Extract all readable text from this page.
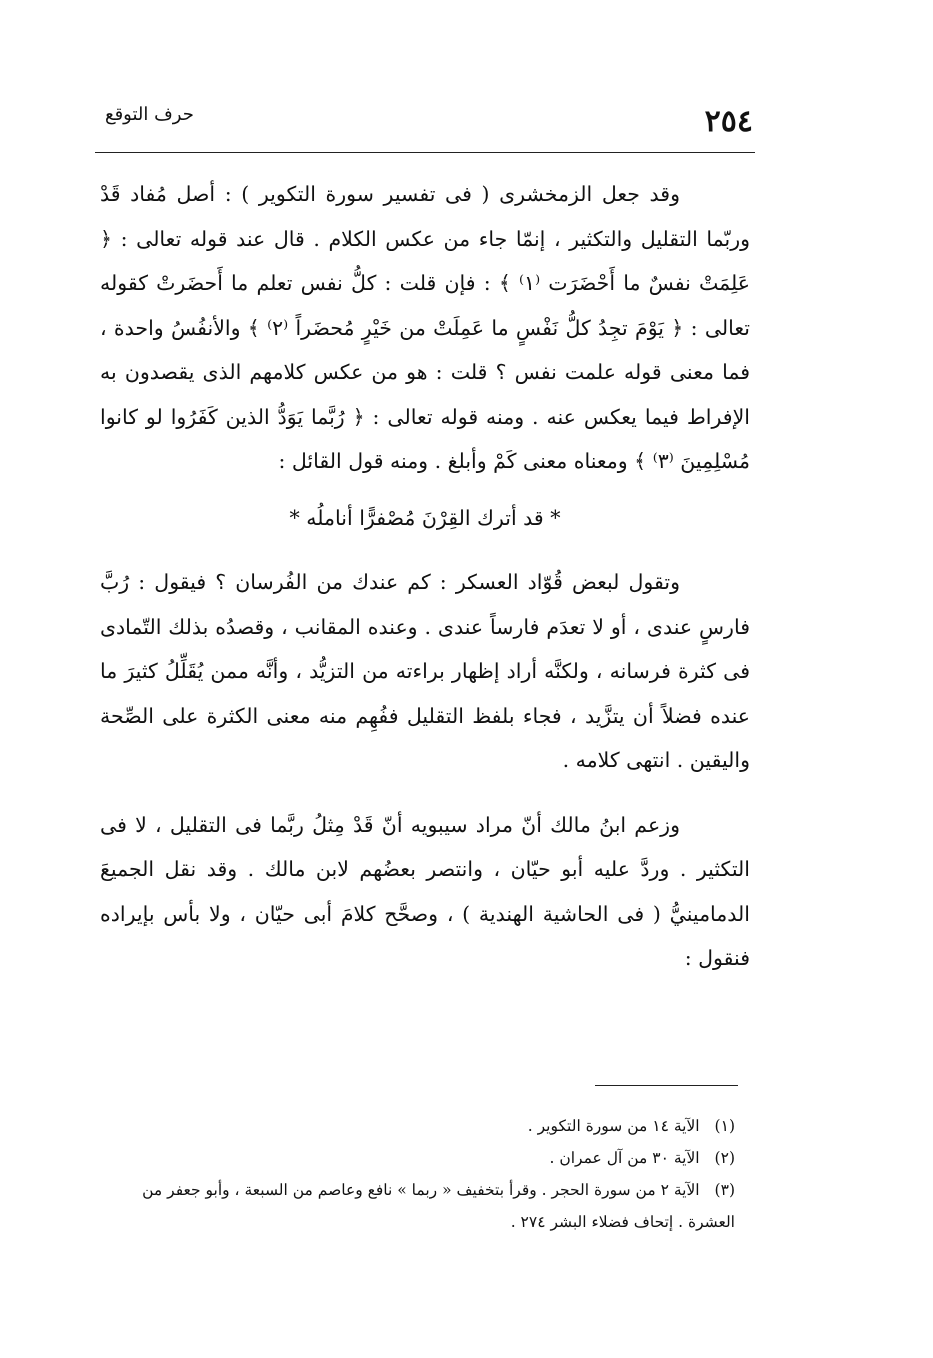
٢٥٤
حرف التوقع

وقد جعل الزمخشرى ( فى تفسير سورة التكوير ) : أصل مُفاد قَدْ وربّما التقليل والتكثير ، إنمّا جاء من عكس الكلام . قال عند قوله تعالى : ﴿ عَلِمَتْ نفسٌ ما أَحْضَرَت ⁽١⁾ ﴾ : فإن قلت : كلُّ نفس تعلم ما أَحضَرتْ كقوله تعالى : ﴿ يَوْمَ تجِدُ كلُّ نَفْسٍ ما عَمِلَتْ من خَيْرٍ مُحضَراً ⁽٢⁾ ﴾ والأنفُسُ واحدة ، فما معنى قوله علمت نفس ؟ قلت : هو من عكس كلامهم الذى يقصدون به الإفراط فيما يعكس عنه . ومنه قوله تعالى : ﴿ رُبَّما يَوَدُّ الذين كَفَرُوا لو كانوا مُسْلِمِينَ ⁽٣⁾ ﴾ ومعناه معنى كَمْ وأبلغ . ومنه قول القائل :

* قد أترك القِرْنَ مُصْفرًّا أناملُه *

وتقول لبعض قُوّاد العسكر : كم عندك من الفُرسان ؟ فيقول : رُبَّ فارسٍ عندى ، أو لا تعدَم فارساً عندى . وعنده المقانب ، وقصدُه بذلك التّمادى فى كثرة فرسانه ، ولكنَّه أراد إظهار براءته من التزيُّد ، وأنَّه ممن يُقَلِّلُ كثيرَ ما عنده فضلاً أن يتزَّيد ، فجاء بلفظ التقليل ففُهِم منه معنى الكثرة على الصِّحة واليقين . انتهى كلامه .

وزعم ابنُ مالك أنّ مراد سيبويه أنّ قَدْ مِثلُ ربَّما فى التقليل ، لا فى التكثير . وردَّ عليه أبو حيّان ، وانتصر بعضُهم لابن مالك . وقد نقل الجميعَ الدمامينيُّ ( فى الحاشية الهندية ) ، وصحَّح كلامَ أبى حيّان ، ولا بأس بإيراده فنقول :

(١) الآية ١٤ من سورة التكوير .

(٢) الآية ٣٠ من آل عمران .

(٣) الآية ٢ من سورة الحجر . وقرأ بتخفيف « ربما » نافع وعاصم من السبعة ، وأبو جعفر من العشرة . إتحاف فضلاء البشر ٢٧٤ .
